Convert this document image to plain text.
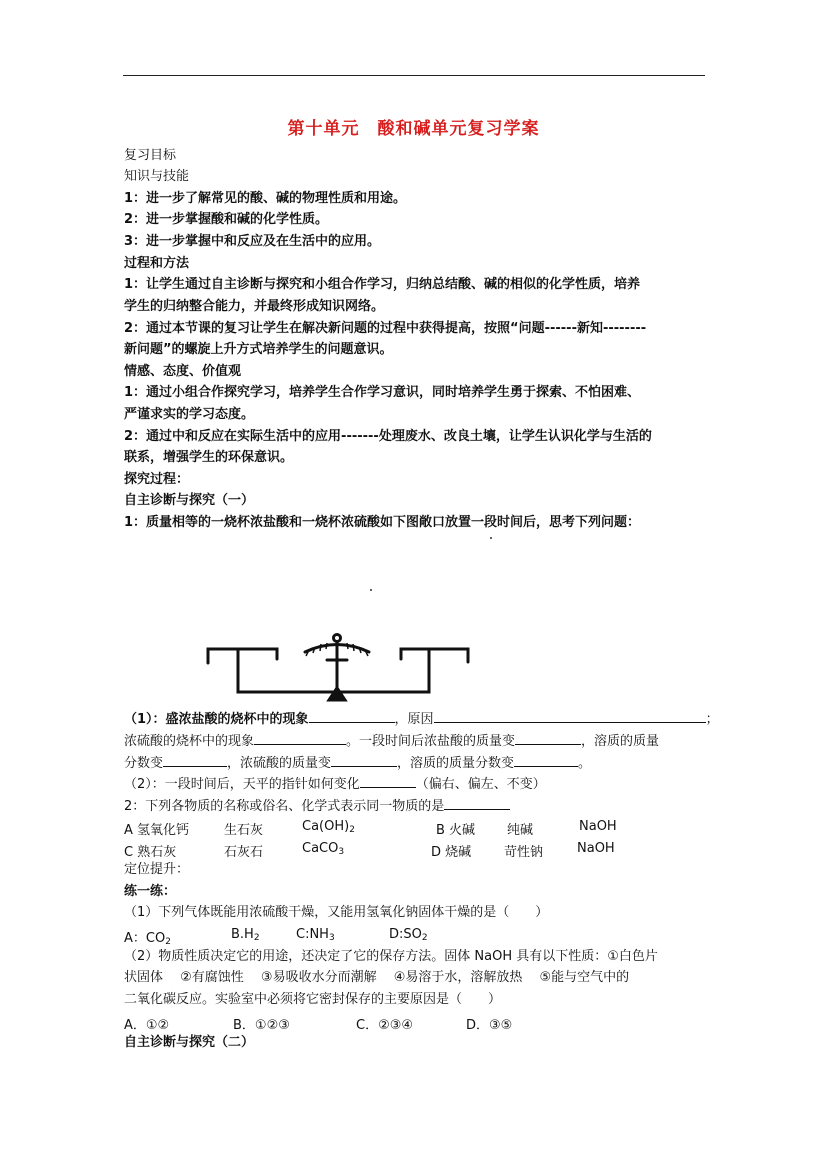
第十单元　酸和碱单元复习学案
复习目标
知识与技能
1：进一步了解常见的酸、碱的物理性质和用途。
2：进一步掌握酸和碱的化学性质。
3：进一步掌握中和反应及在生活中的应用。
过程和方法
1：让学生通过自主诊断与探究和小组合作学习，归纳总结酸、碱的相似的化学性质，培养
学生的归纳整合能力，并最终形成知识网络。
2：通过本节课的复习让学生在解决新问题的过程中获得提高，按照“问题------新知--------
新问题”的螺旋上升方式培养学生的问题意识。
情感、态度、价值观
1：通过小组合作探究学习，培养学生合作学习意识，同时培养学生勇于探索、不怕困难、
严谨求实的学习态度。
2：通过中和反应在实际生活中的应用-------处理废水、改良土壤，让学生认识化学与生活的
联系，增强学生的环保意识。
探究过程：
自主诊断与探究（一）
1：质量相等的一烧杯浓盐酸和一烧杯浓硫酸如下图敞口放置一段时间后，思考下列问题：
（1）：盛浓盐酸的烧杯中的现象	，原因	；
浓硫酸的烧杯中的现象	。一段时间后浓盐酸的质量变	，溶质的质量
分数变	，浓硫酸的质量变	，溶质的质量分数变	。
（2）：一段时间后，天平的指针如何变化	（偏右、偏左、不变）
2：下列各物质的名称或俗名、化学式表示同一物质的是
A 氢氧化钙	生石灰	$Ca(OH)_2$	B 火碱 纯碱	NaOH
C 熟石灰	石灰石	CaCO$_3$	D 烧碱	苛性钠	NaOH
定位提升：
练一练：
（1）下列气体既能用浓硫酸干燥，又能用氢氧化钠固体干燥的是（　　）
A：$CO_2$	$B.H_2$	$C:NH_3$	$D:SO_2$
（2）物质性质决定它的用途，还决定了它的保存方法。固体 NaOH 具有以下性质：①白色片
状固体　 ②有腐蚀性　 ③易吸收水分而潮解　 ④易溶于水，溶解放热　 ⑤能与空气中的
二氧化碳反应。实验室中必须将它密封保存的主要原因是（　　）
A．①②	B．①②③	C．②③④	D．③⑤
自主诊断与探究（二）
